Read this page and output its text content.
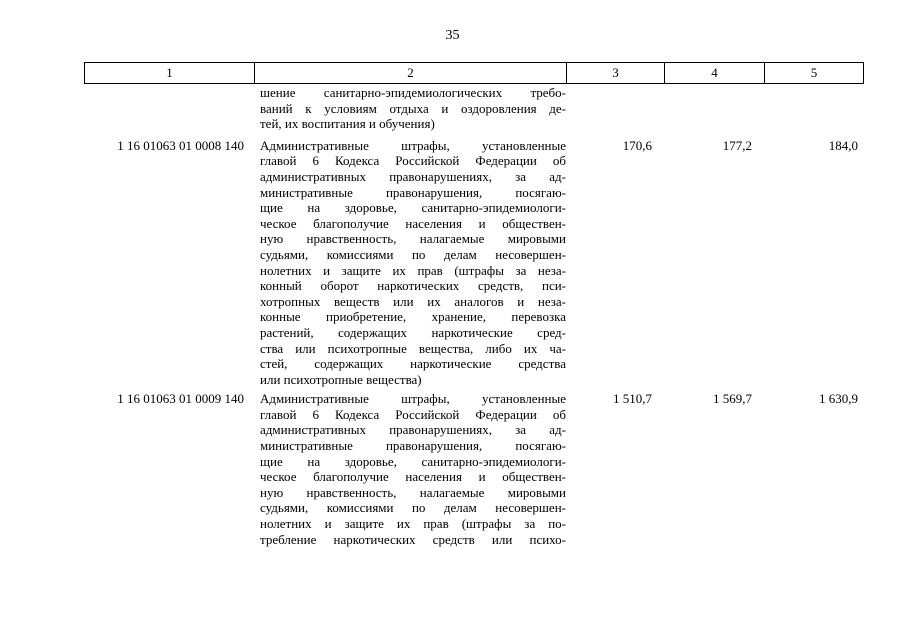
35
1	2	3	4	5
шение санитарно-эпидемиологических требо-
ваний к условиям отдыха и оздоровления де-
тей, их воспитания и обучения)
1 16 01063 01 0008 140	Административные штрафы, установленные
главой 6 Кодекса Российской Федерации об
административных правонарушениях, за ад-
министративные правонарушения, посягаю-
щие на здоровье, санитарно-эпидемиологи-
ческое благополучие населения и обществен-
ную нравственность, налагаемые мировыми
судьями, комиссиями по делам несовершен-
нолетних и защите их прав (штрафы за неза-
конный оборот наркотических средств, пси-
хотропных веществ или их аналогов и неза-
конные приобретение, хранение, перевозка
растений, содержащих наркотические сред-
ства или психотропные вещества, либо их ча-
стей, содержащих наркотические средства
или психотропные вещества)
170,6	177,2	184,0
1 16 01063 01 0009 140	Административные штрафы, установленные
главой 6 Кодекса Российской Федерации об
административных правонарушениях, за ад-
министративные правонарушения, посягаю-
щие на здоровье, санитарно-эпидемиологи-
ческое благополучие населения и обществен-
ную нравственность, налагаемые мировыми
судьями, комиссиями по делам несовершен-
нолетних и защите их прав (штрафы за по-
требление наркотических средств или психо-
1 510,7	1 569,7	1 630,9
